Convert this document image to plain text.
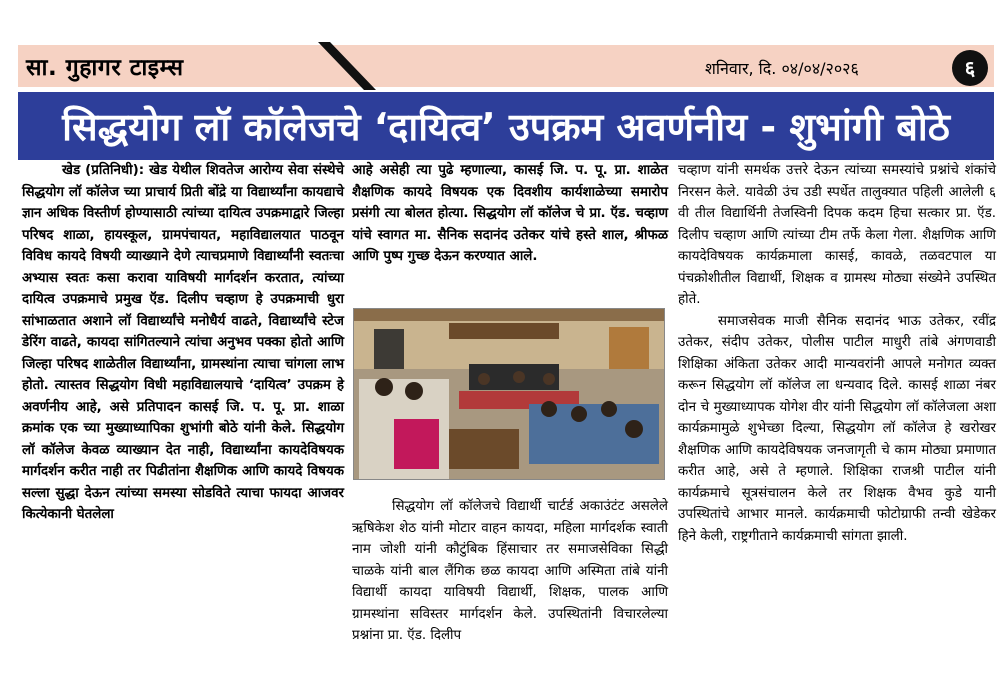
सा. गुहागर टाइम्स	शनिवार, दि. ०४/०४/२०२६	६
सिद्धयोग लॉ कॉलेजचे ‘दायित्व’ उपक्रम अवर्णनीय - शुभांगी बोठे

खेड (प्रतिनिधी): खेड येथील शिवतेज आरोग्य सेवा संस्थेचे सिद्धयोग लॉ कॉलेज च्या प्राचार्य प्रिती बोंद्रे या विद्यार्थ्यांना कायद्याचे ज्ञान अधिक विस्तीर्ण होण्यासाठी त्यांच्या दायित्व उपक्रमाद्वारे जिल्हा परिषद शाळा, हायस्कूल, ग्रामपंचायत, महाविद्यालयात पाठवून विविध कायदे विषयी व्याख्याने देणे त्याचप्रमाणे विद्यार्थ्यांनी स्वतःचा अभ्यास स्वतः कसा करावा याविषयी मार्गदर्शन करतात, त्यांच्या दायित्व उपक्रमाचे प्रमुख ऍड. दिलीप चव्हाण हे उपक्रमाची धुरा सांभाळतात अशाने लॉ विद्यार्थ्यांचे मनोधैर्य वाढते, विद्यार्थ्यांचे स्टेज डेरिंग वाढते, कायदा सांगितल्याने त्यांचा अनुभव पक्का होतो आणि जिल्हा परिषद शाळेतील विद्यार्थ्यांना, ग्रामस्थांना त्याचा चांगला लाभ होतो. त्यास्तव सिद्धयोग विधी महाविद्यालयाचे ‘दायित्व’ उपक्रम हे अवर्णनीय आहे, असे प्रतिपादन कासई जि. प. पू. प्रा. शाळा क्रमांक एक च्या मुख्याध्यापिका शुभांगी बोठे यांनी केले. सिद्धयोग लॉ कॉलेज केवळ व्याख्यान देत नाही, विद्यार्थ्यांना कायदेविषयक मार्गदर्शन करीत नाही तर पिढीतांना शैक्षणिक आणि कायदे विषयक सल्ला सुद्धा देऊन त्यांच्या समस्या सोडविते त्याचा फायदा आजवर कित्येकानी घेतलेला

आहे असेही त्या पुढे म्हणाल्या, कासई जि. प. पू. प्रा. शाळेत शैक्षणिक कायदे विषयक एक दिवशीय कार्यशाळेच्या समारोप प्रसंगी त्या बोलत होत्या. सिद्धयोग लॉ कॉलेज चे प्रा. ऍड. चव्हाण यांचे स्वागत मा. सैनिक सदानंद उतेकर यांचे हस्ते शाल, श्रीफळ आणि पुष्प गुच्छ देऊन करण्यात आले.

सिद्धयोग लॉ कॉलेजचे विद्यार्थी चार्टर्ड अकाउंटंट असलेले ऋषिकेश शेठ यांनी मोटार वाहन कायदा, महिला मार्गदर्शक स्वाती नाम जोशी यांनी कौटुंबिक हिंसाचार तर समाजसेविका सिद्धी चाळके यांनी बाल लैंगिक छळ कायदा आणि अस्मिता तांबे यांनी विद्यार्थी कायदा याविषयी विद्यार्थी, शिक्षक, पालक आणि ग्रामस्थांना सविस्तर मार्गदर्शन केले. उपस्थितांनी विचारलेल्या प्रश्नांना प्रा. ऍड. दिलीप

चव्हाण यांनी समर्थक उत्तरे देऊन त्यांच्या समस्यांचे प्रश्नांचे शंकांचे निरसन केले. यावेळी उंच उडी स्पर्धेत तालुक्यात पहिली आलेली ६ वी तील विद्यार्थिनी तेजस्विनी दिपक कदम हिचा सत्कार प्रा. ऍड. दिलीप चव्हाण आणि त्यांच्या टीम तर्फे केला गेला. शैक्षणिक आणि कायदेविषयक कार्यक्रमाला कासई, कावळे, तळवटपाल या पंचक्रोशीतील विद्यार्थी, शिक्षक व ग्रामस्थ मोठ्या संख्येने उपस्थित होते.

समाजसेवक माजी सैनिक सदानंद भाऊ उतेकर, रवींद्र उतेकर, संदीप उतेकर, पोलीस पाटील माधुरी तांबे अंगणवाडी शिक्षिका अंकिता उतेकर आदी मान्यवरांनी आपले मनोगत व्यक्त करून सिद्धयोग लॉ कॉलेज ला धन्यवाद दिले. कासई शाळा नंबर दोन चे मुख्याध्यापक योगेश वीर यांनी सिद्धयोग लॉ कॉलेजला अशा कार्यक्रमामुळे शुभेच्छा दिल्या, सिद्धयोग लॉ कॉलेज हे खरोखर शैक्षणिक आणि कायदेविषयक जनजागृती चे काम मोठ्या प्रमाणात करीत आहे, असे ते म्हणाले. शिक्षिका राजश्री पाटील यांनी कार्यक्रमाचे सूत्रसंचालन केले तर शिक्षक वैभव कुडे यानी उपस्थितांचे आभार मानले. कार्यक्रमाची फोटोग्राफी तन्वी खेडेकर हिने केली, राष्ट्रगीताने कार्यक्रमाची सांगता झाली.
